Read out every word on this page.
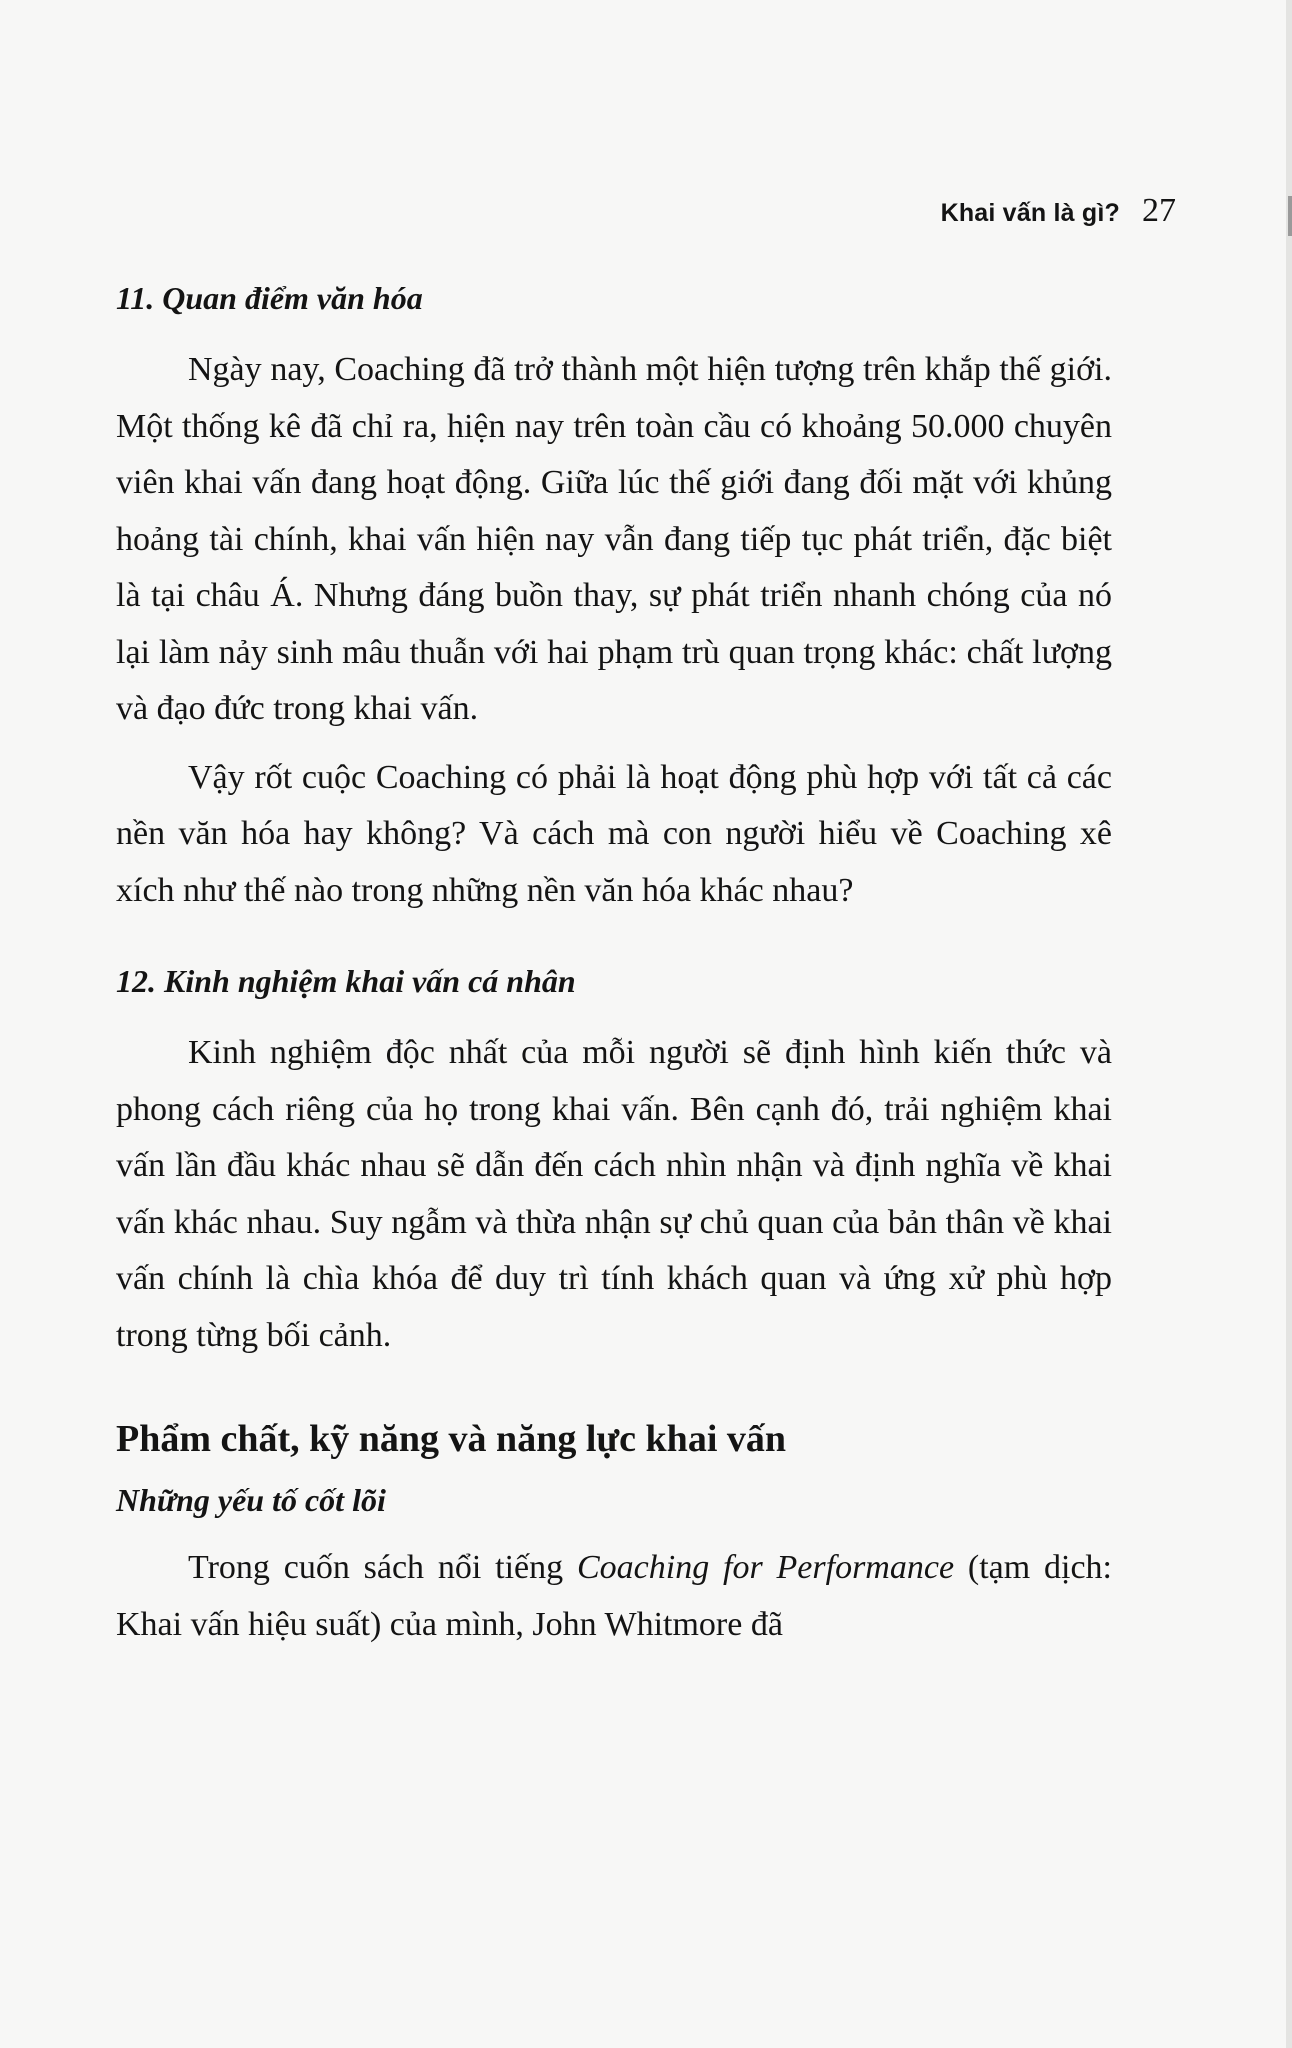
Khai vấn là gì? 27
11. Quan điểm văn hóa

Ngày nay, Coaching đã trở thành một hiện tượng trên khắp thế giới. Một thống kê đã chỉ ra, hiện nay trên toàn cầu có khoảng 50.000 chuyên viên khai vấn đang hoạt động. Giữa lúc thế giới đang đối mặt với khủng hoảng tài chính, khai vấn hiện nay vẫn đang tiếp tục phát triển, đặc biệt là tại châu Á. Nhưng đáng buồn thay, sự phát triển nhanh chóng của nó lại làm nảy sinh mâu thuẫn với hai phạm trù quan trọng khác: chất lượng và đạo đức trong khai vấn.

Vậy rốt cuộc Coaching có phải là hoạt động phù hợp với tất cả các nền văn hóa hay không? Và cách mà con người hiểu về Coaching xê xích như thế nào trong những nền văn hóa khác nhau?

12. Kinh nghiệm khai vấn cá nhân

Kinh nghiệm độc nhất của mỗi người sẽ định hình kiến thức và phong cách riêng của họ trong khai vấn. Bên cạnh đó, trải nghiệm khai vấn lần đầu khác nhau sẽ dẫn đến cách nhìn nhận và định nghĩa về khai vấn khác nhau. Suy ngẫm và thừa nhận sự chủ quan của bản thân về khai vấn chính là chìa khóa để duy trì tính khách quan và ứng xử phù hợp trong từng bối cảnh.

Phẩm chất, kỹ năng và năng lực khai vấn
Những yếu tố cốt lõi

Trong cuốn sách nổi tiếng Coaching for Performance (tạm dịch: Khai vấn hiệu suất) của mình, John Whitmore đã
